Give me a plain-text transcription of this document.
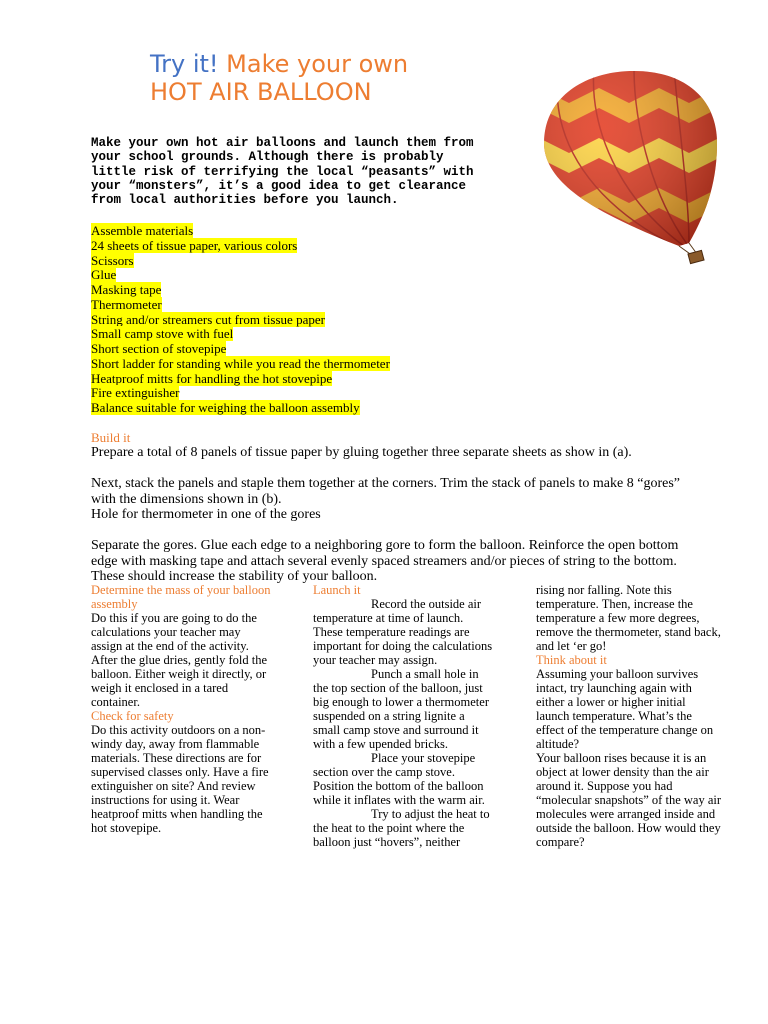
Try it! Make your own
HOT AIR BALLOON

Make your own hot air balloons and launch them from your school grounds. Although there is probably little risk of terrifying the local “peasants” with your “monsters”, it’s a good idea to get clearance from local authorities before you launch.

Assemble materials
24 sheets of tissue paper, various colors
Scissors
Glue
Masking tape
Thermometer
String and/or streamers cut from tissue paper
Small camp stove with fuel
Short section of stovepipe
Short ladder for standing while you read the thermometer
Heatproof mitts for handling the hot stovepipe
Fire extinguisher
Balance suitable for weighing the balloon assembly
Build it

Prepare a total of 8 panels of tissue paper by gluing together three separate sheets as show in (a).

Next, stack the panels and staple them together at the corners. Trim the stack of panels to make 8 “gores” with the dimensions shown in (b).
Hole for thermometer in one of the gores

Separate the gores. Glue each edge to a neighboring gore to form the balloon. Reinforce the open bottom edge with masking tape and attach several evenly spaced streamers and/or pieces of string to the bottom. These should increase the stability of your balloon.

Determine the mass of your balloon assembly

Do this if you are going to do the calculations your teacher may assign at the end of the activity. After the glue dries, gently fold the balloon. Either weigh it directly, or weigh it enclosed in a tared container.

Check for safety

Do this activity outdoors on a non-windy day, away from flammable materials. These directions are for supervised classes only. Have a fire extinguisher on site? And review instructions for using it. Wear heatproof mitts when handling the hot stovepipe.

Launch it

Record the outside air temperature at time of launch. These temperature readings are important for doing the calculations your teacher may assign.

Punch a small hole in the top section of the balloon, just big enough to lower a thermometer suspended on a string lignite a small camp stove and surround it with a few upended bricks.

Place your stovepipe section over the camp stove. Position the bottom of the balloon while it inflates with the warm air.

Try to adjust the heat to the heat to the point where the balloon just “hovers”, neither

rising nor falling. Note this temperature. Then, increase the temperature a few more degrees, remove the thermometer, stand back, and let ‘er go!

Think about it

Assuming your balloon survives intact, try launching again with either a lower or higher initial launch temperature. What’s the effect of the temperature change on altitude?

Your balloon rises because it is an object at lower density than the air around it. Suppose you had “molecular snapshots” of the way air molecules were arranged inside and outside the balloon. How would they compare?
